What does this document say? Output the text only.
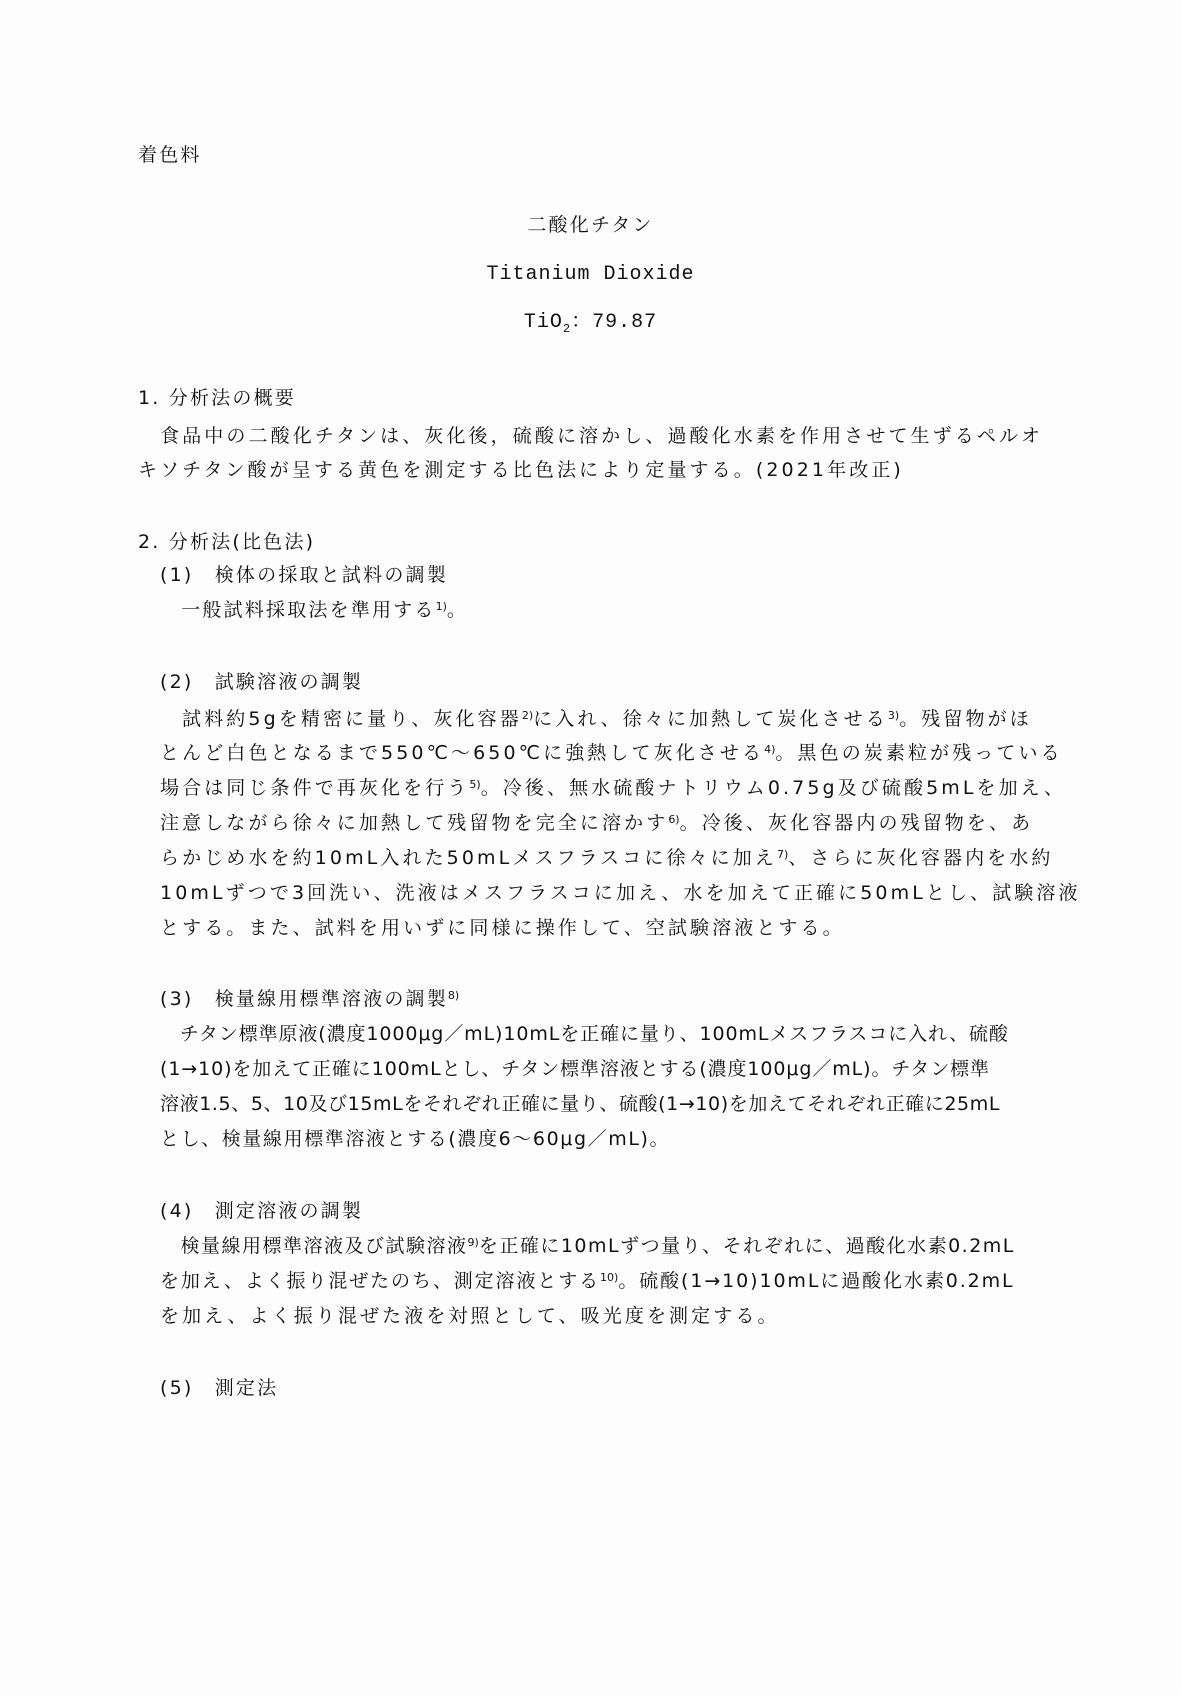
着色料
二酸化チタン
Titanium Dioxide
TiO$_2$：79.87
1. 分析法の概要
　食品中の二酸化チタンは、灰化後，硫酸に溶かし、過酸化水素を作用させて生ずるペルオ
キソチタン酸が呈する黄色を測定する比色法により定量する。(2021年改正)
2. 分析法(比色法)
(1)　検体の採取と試料の調製
　一般試料採取法を準用する$^{1)}$。
(2)　試験溶液の調製
　試料約5gを精密に量り、灰化容器$^{2)}$に入れ、徐々に加熱して炭化させる$^{3)}$。残留物がほ
とんど白色となるまで550℃～650℃に強熱して灰化させる$^{4)}$。黒色の炭素粒が残っている
場合は同じ条件で再灰化を行う$^{5)}$。冷後、無水硫酸ナトリウム0.75g及び硫酸5mLを加え、
注意しながら徐々に加熱して残留物を完全に溶かす$^{6)}$。冷後、灰化容器内の残留物を、あ
らかじめ水を約10mL入れた50mLメスフラスコに徐々に加え$^{7)}$、さらに灰化容器内を水約
10mLずつで3回洗い、洗液はメスフラスコに加え、水を加えて正確に50mLとし、試験溶液
とする。また、試料を用いずに同様に操作して、空試験溶液とする。
(3)　検量線用標準溶液の調製$^{8)}$
　チタン標準原液(濃度1000μg／mL)10mLを正確に量り、100mLメスフラスコに入れ、硫酸
(1→10)を加えて正確に100mLとし、チタン標準溶液とする(濃度100μg／mL)。チタン標準
溶液1.5、5、10及び15mLをそれぞれ正確に量り、硫酸(1→10)を加えてそれぞれ正確に25mL
とし、検量線用標準溶液とする(濃度6～60μg／mL)。
(4)　測定溶液の調製
　検量線用標準溶液及び試験溶液$^{9)}$を正確に10mLずつ量り、それぞれに、過酸化水素0.2mL
を加え、よく振り混ぜたのち、測定溶液とする$^{10)}$。硫酸(1→10)10mLに過酸化水素0.2mL
を加え、よく振り混ぜた液を対照として、吸光度を測定する。
(5)　測定法
